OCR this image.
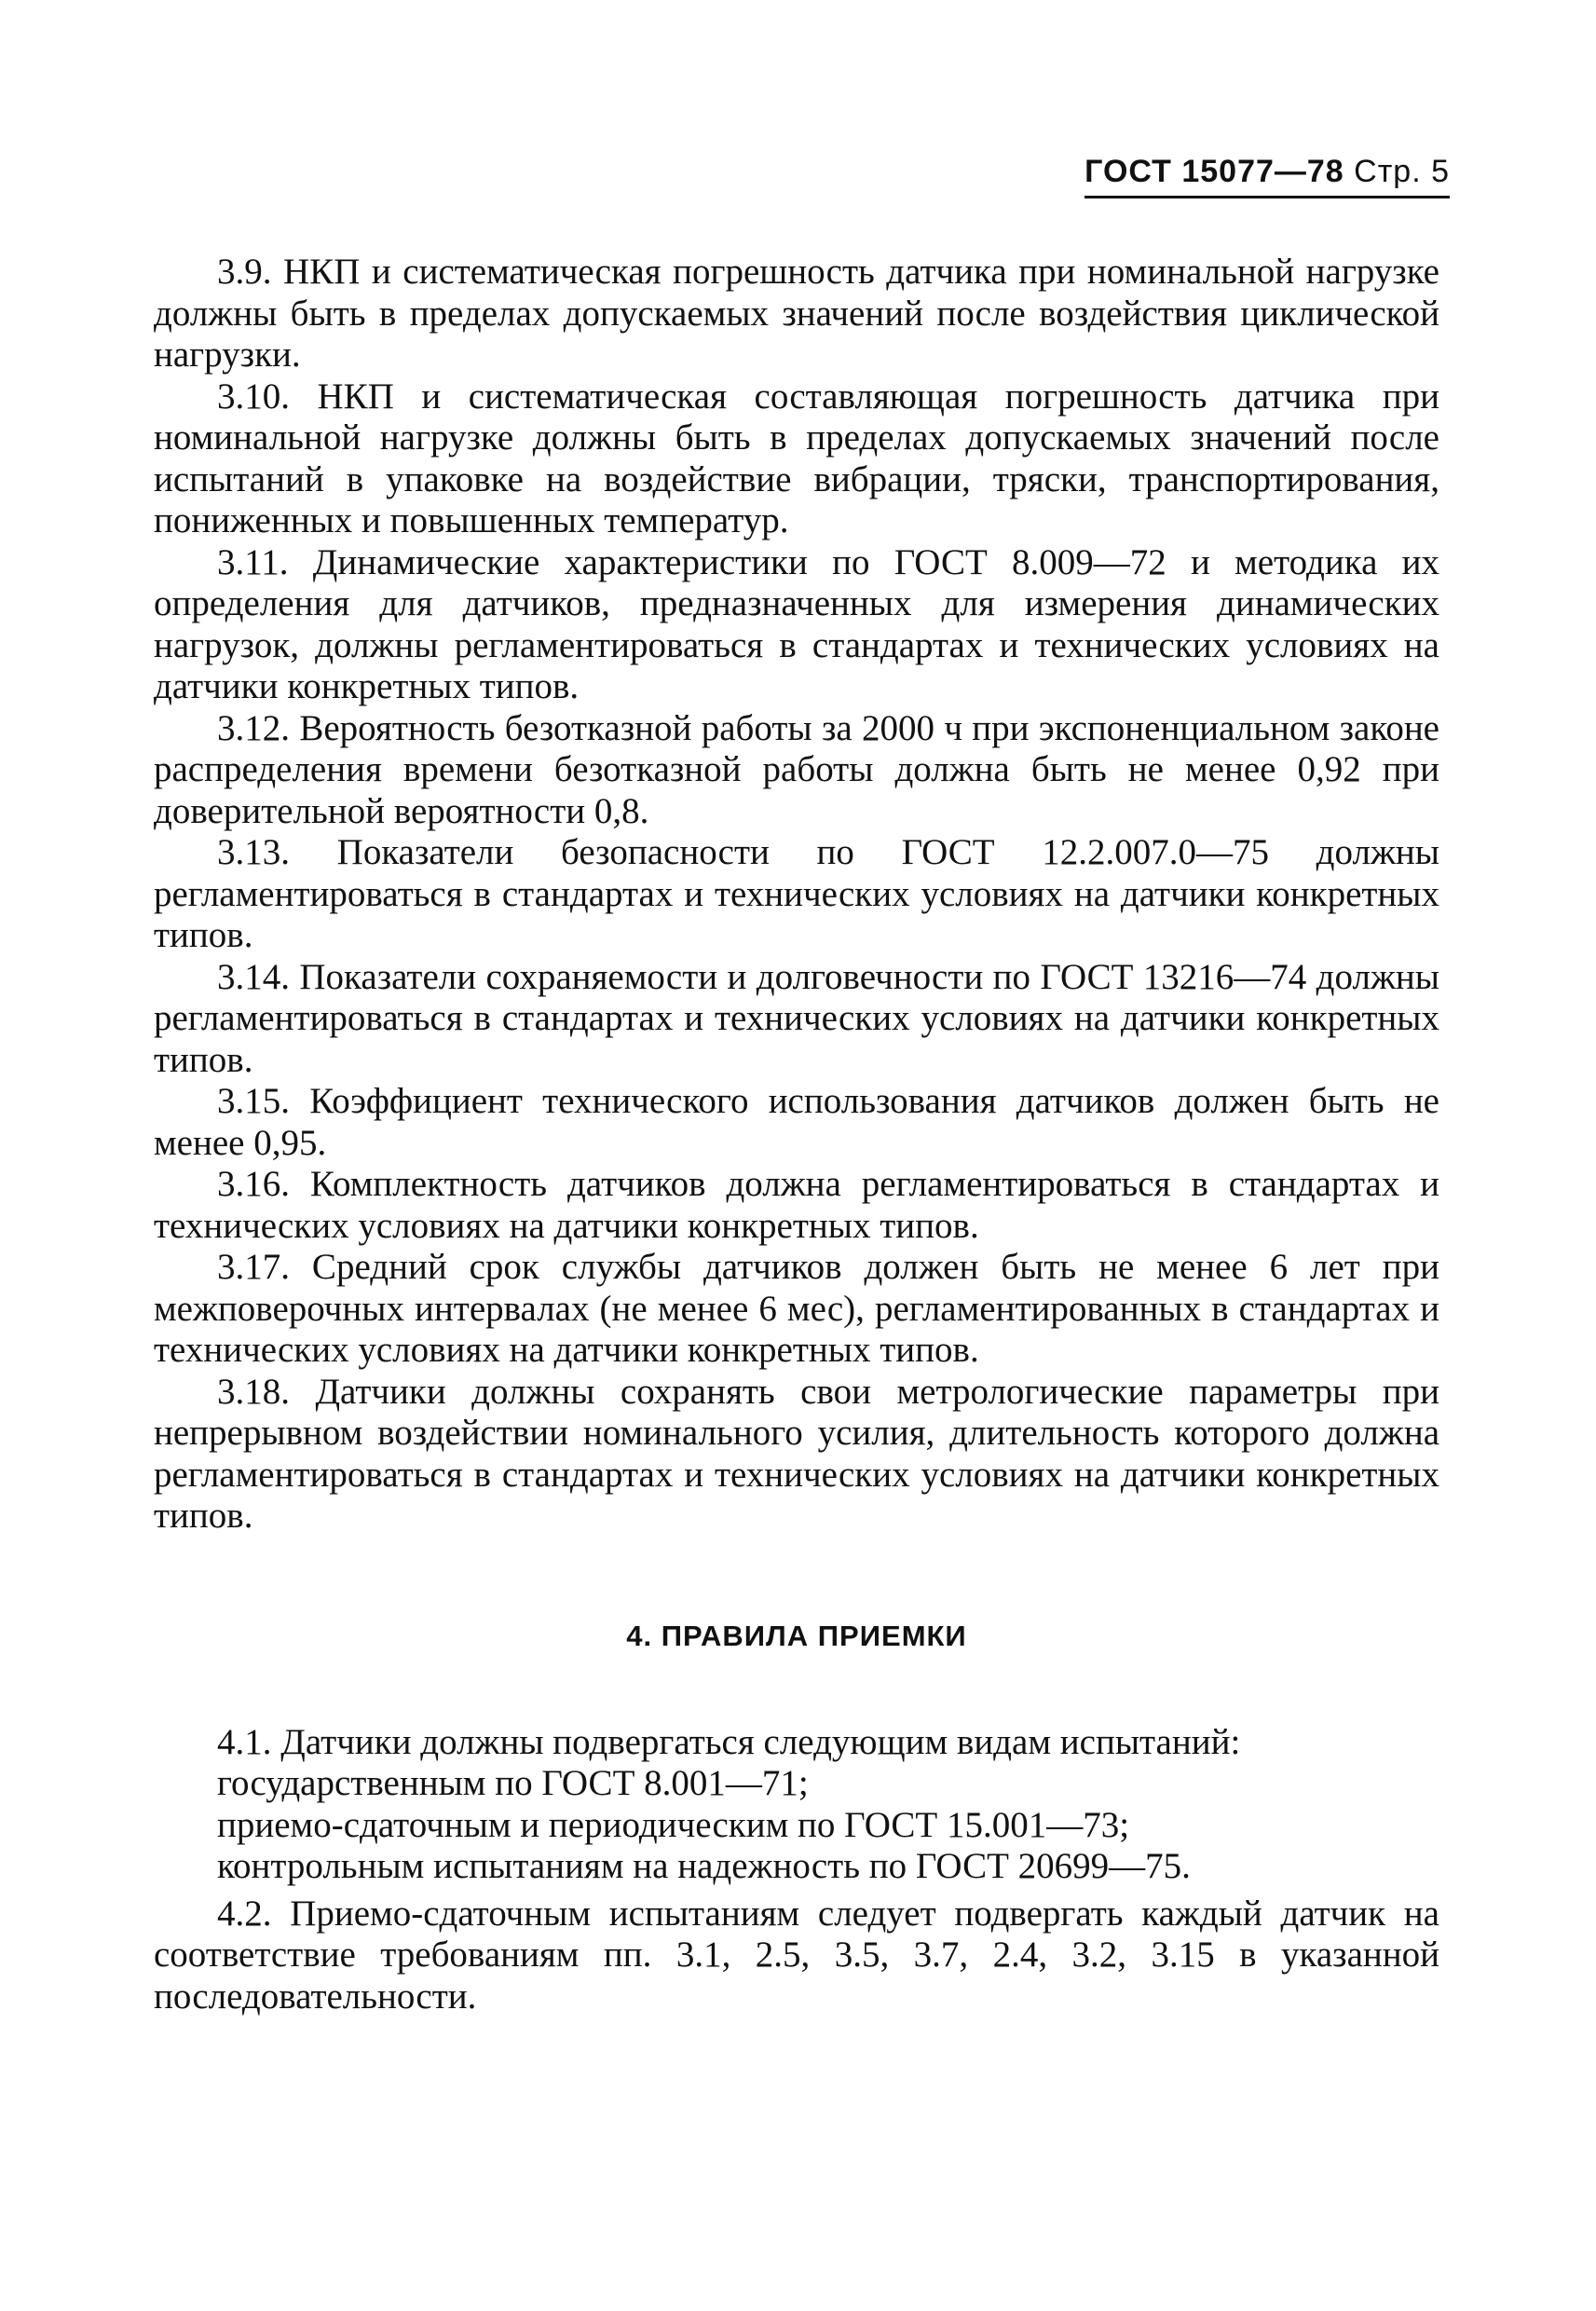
ГОСТ 15077—78 Стр. 5

3.9. НКП и систематическая погрешность датчика при номинальной нагрузке должны быть в пределах допускаемых значений после воздействия циклической нагрузки.

3.10. НКП и систематическая составляющая погрешность датчика при номинальной нагрузке должны быть в пределах допускаемых значений после испытаний в упаковке на воздействие вибрации, тряски, транспортирования, пониженных и повышенных температур.

3.11. Динамические характеристики по ГОСТ 8.009—72 и методика их определения для датчиков, предназначенных для измерения динамических нагрузок, должны регламентироваться в стандартах и технических условиях на датчики конкретных типов.

3.12. Вероятность безотказной работы за 2000 ч при экспоненциальном законе распределения времени безотказной работы должна быть не менее 0,92 при доверительной вероятности 0,8.

3.13. Показатели безопасности по ГОСТ 12.2.007.0—75 должны регламентироваться в стандартах и технических условиях на датчики конкретных типов.

3.14. Показатели сохраняемости и долговечности по ГОСТ 13216—74 должны регламентироваться в стандартах и технических условиях на датчики конкретных типов.

3.15. Коэффициент технического использования датчиков должен быть не менее 0,95.

3.16. Комплектность датчиков должна регламентироваться в стандартах и технических условиях на датчики конкретных типов.

3.17. Средний срок службы датчиков должен быть не менее 6 лет при межповерочных интервалах (не менее 6 мес), регламентированных в стандартах и технических условиях на датчики конкретных типов.

3.18. Датчики должны сохранять свои метрологические параметры при непрерывном воздействии номинального усилия, длительность которого должна регламентироваться в стандартах и технических условиях на датчики конкретных типов.

4. ПРАВИЛА ПРИЕМКИ

4.1. Датчики должны подвергаться следующим видам испытаний:

государственным по ГОСТ 8.001—71;

приемо-сдаточным и периодическим по ГОСТ 15.001—73;

контрольным испытаниям на надежность по ГОСТ 20699—75.

4.2. Приемо-сдаточным испытаниям следует подвергать каждый датчик на соответствие требованиям пп. 3.1, 2.5, 3.5, 3.7, 2.4, 3.2, 3.15 в указанной последовательности.
